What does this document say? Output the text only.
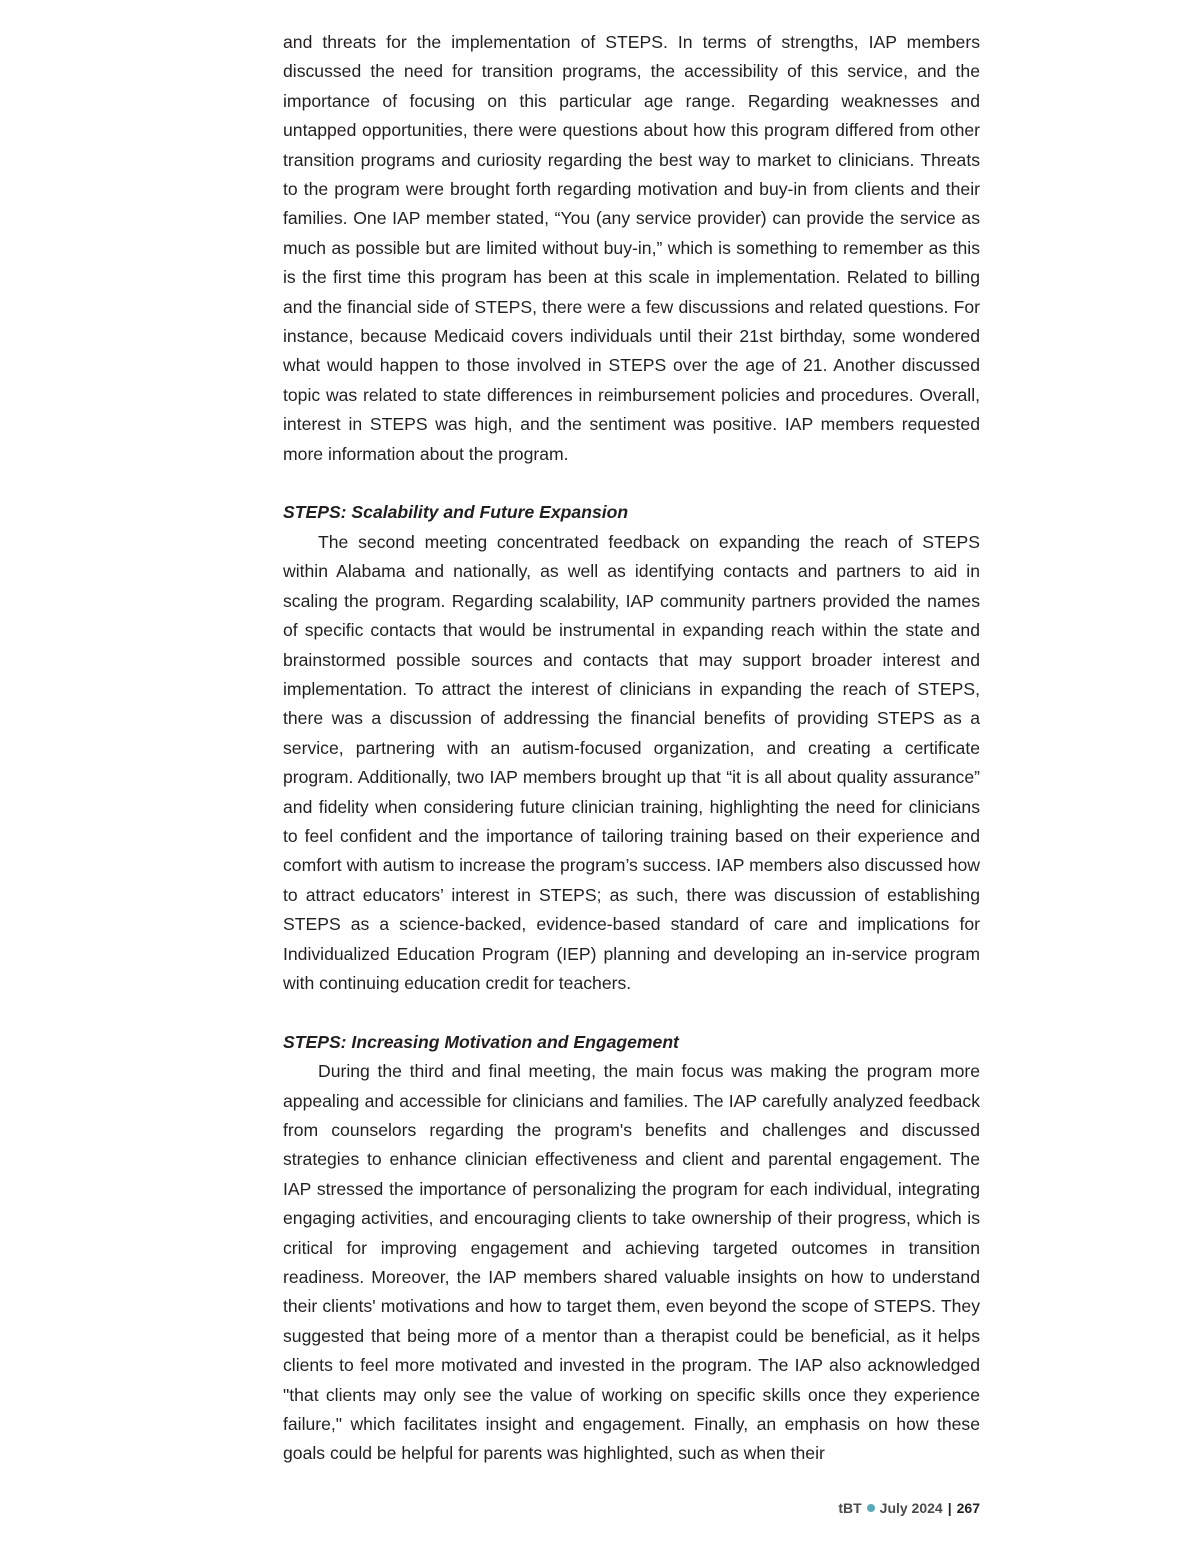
and threats for the implementation of STEPS. In terms of strengths, IAP members discussed the need for transition programs, the accessibility of this service, and the importance of focusing on this particular age range. Regarding weaknesses and untapped opportunities, there were questions about how this program differed from other transition programs and curiosity regarding the best way to market to clinicians. Threats to the program were brought forth regarding motivation and buy-in from clients and their families. One IAP member stated, “You (any service provider) can provide the service as much as possible but are limited without buy-in,” which is something to remember as this is the first time this program has been at this scale in implementation. Related to billing and the financial side of STEPS, there were a few discussions and related questions. For instance, because Medicaid covers individuals until their 21st birthday, some wondered what would happen to those involved in STEPS over the age of 21. Another discussed topic was related to state differences in reimbursement policies and procedures. Overall, interest in STEPS was high, and the sentiment was positive. IAP members requested more information about the program.

STEPS: Scalability and Future Expansion

The second meeting concentrated feedback on expanding the reach of STEPS within Alabama and nationally, as well as identifying contacts and partners to aid in scaling the program. Regarding scalability, IAP community partners provided the names of specific contacts that would be instrumental in expanding reach within the state and brainstormed possible sources and contacts that may support broader interest and implementation. To attract the interest of clinicians in expanding the reach of STEPS, there was a discussion of addressing the financial benefits of providing STEPS as a service, partnering with an autism-focused organization, and creating a certificate program. Additionally, two IAP members brought up that “it is all about quality assurance” and fidelity when considering future clinician training, highlighting the need for clinicians to feel confident and the importance of tailoring training based on their experience and comfort with autism to increase the program’s success. IAP members also discussed how to attract educators’ interest in STEPS; as such, there was discussion of establishing STEPS as a science-backed, evidence-based standard of care and implications for Individualized Education Program (IEP) planning and developing an in-service program with continuing education credit for teachers.

STEPS: Increasing Motivation and Engagement

During the third and final meeting, the main focus was making the program more appealing and accessible for clinicians and families. The IAP carefully analyzed feedback from counselors regarding the program's benefits and challenges and discussed strategies to enhance clinician effectiveness and client and parental engagement. The IAP stressed the importance of personalizing the program for each individual, integrating engaging activities, and encouraging clients to take ownership of their progress, which is critical for improving engagement and achieving targeted outcomes in transition readiness. Moreover, the IAP members shared valuable insights on how to understand their clients' motivations and how to target them, even beyond the scope of STEPS. They suggested that being more of a mentor than a therapist could be beneficial, as it helps clients to feel more motivated and invested in the program. The IAP also acknowledged "that clients may only see the value of working on specific skills once they experience failure," which facilitates insight and engagement. Finally, an emphasis on how these goals could be helpful for parents was highlighted, such as when their

tBT July 2024 | 267
